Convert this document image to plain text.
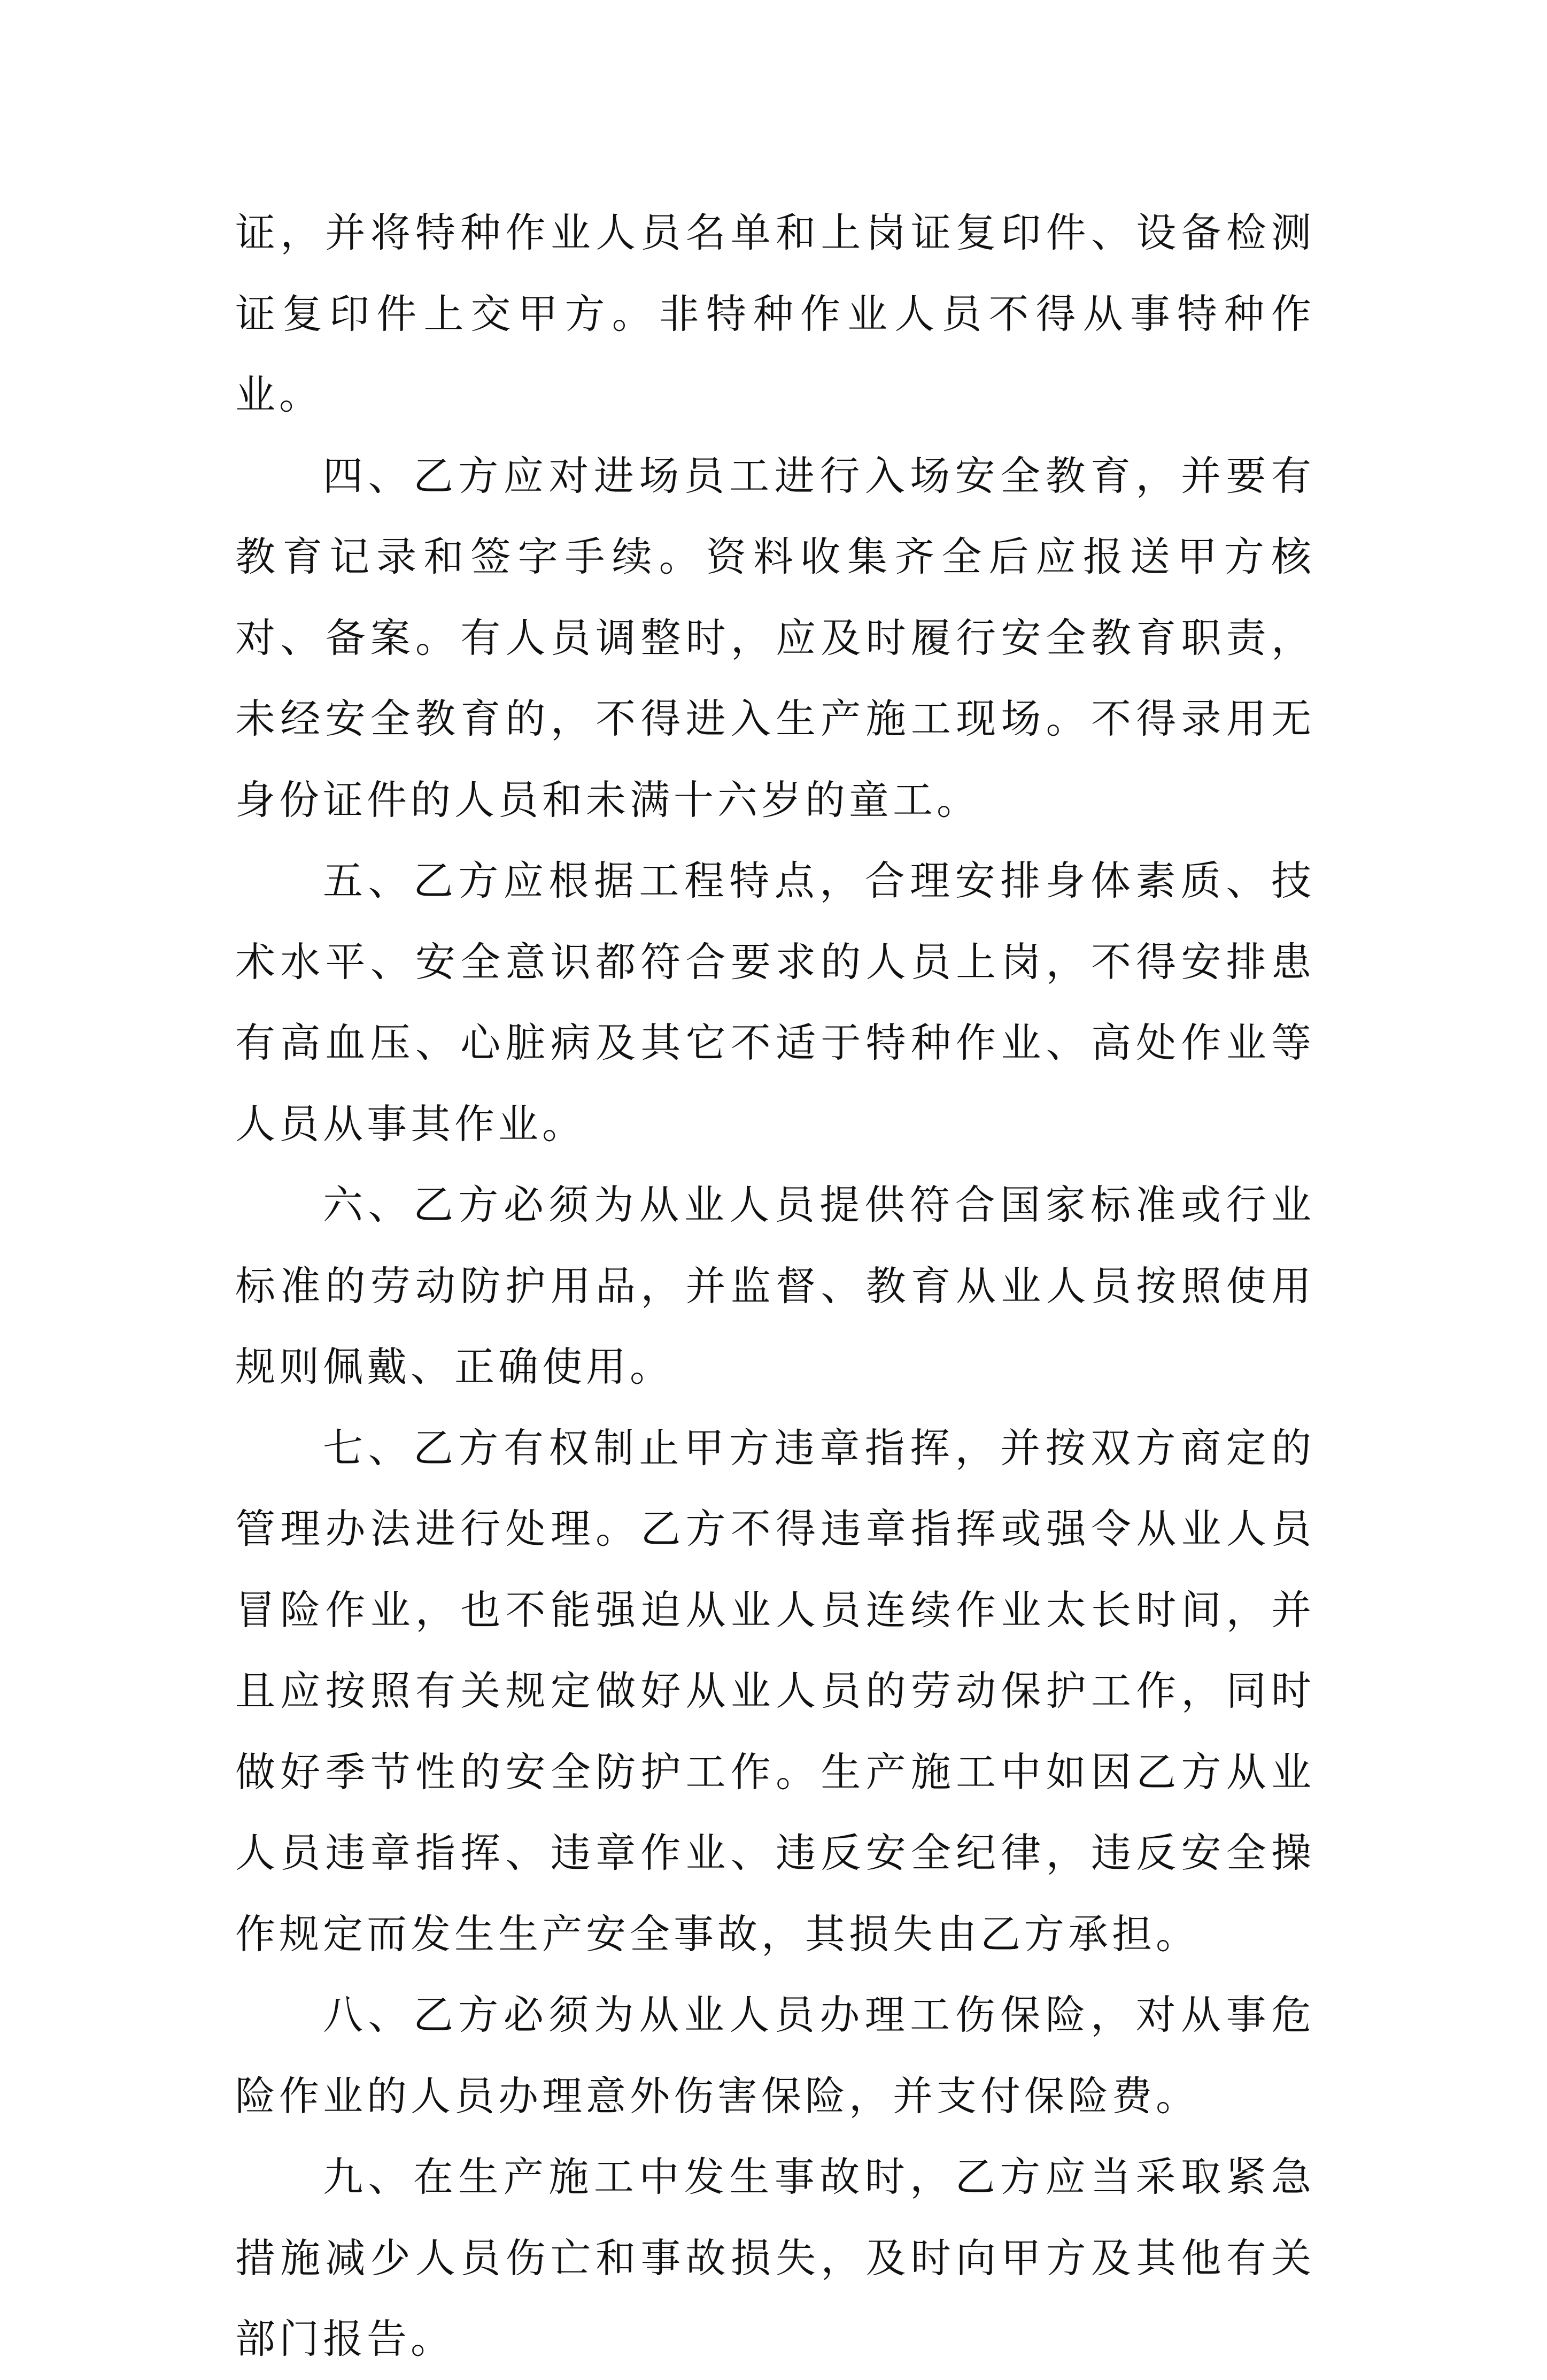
证，并将特种作业人员名单和上岗证复印件、设备检测证复印件上交甲方。非特种作业人员不得从事特种作业。

四、乙方应对进场员工进行入场安全教育，并要有教育记录和签字手续。资料收集齐全后应报送甲方核对、备案。有人员调整时，应及时履行安全教育职责，未经安全教育的，不得进入生产施工现场。不得录用无身份证件的人员和未满十六岁的童工。

五、乙方应根据工程特点，合理安排身体素质、技术水平、安全意识都符合要求的人员上岗，不得安排患有高血压、心脏病及其它不适于特种作业、高处作业等人员从事其作业。

六、乙方必须为从业人员提供符合国家标准或行业标准的劳动防护用品，并监督、教育从业人员按照使用规则佩戴、正确使用。

七、乙方有权制止甲方违章指挥，并按双方商定的管理办法进行处理。乙方不得违章指挥或强令从业人员冒险作业，也不能强迫从业人员连续作业太长时间，并且应按照有关规定做好从业人员的劳动保护工作，同时做好季节性的安全防护工作。生产施工中如因乙方从业人员违章指挥、违章作业、违反安全纪律，违反安全操作规定而发生生产安全事故，其损失由乙方承担。

八、乙方必须为从业人员办理工伤保险，对从事危险作业的人员办理意外伤害保险，并支付保险费。

九、在生产施工中发生事故时，乙方应当采取紧急措施减少人员伤亡和事故损失，及时向甲方及其他有关部门报告。
